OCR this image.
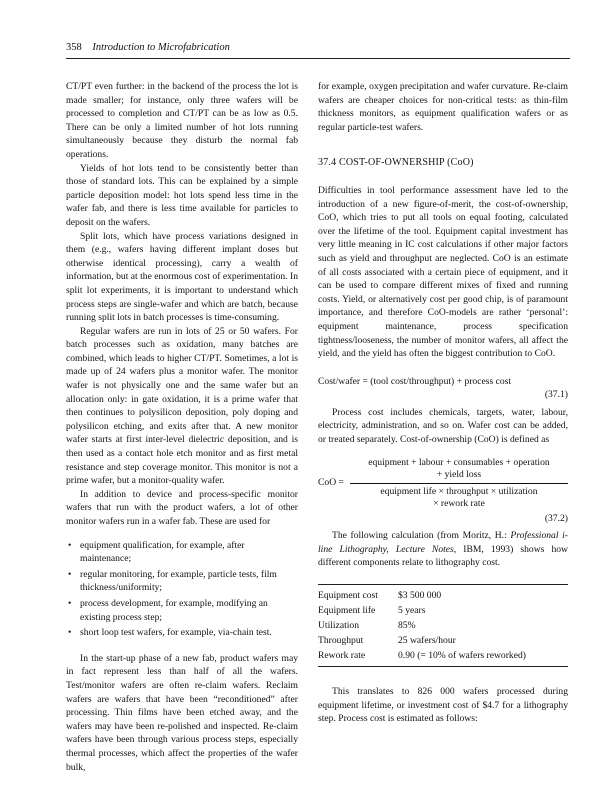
358 Introduction to Microfabrication

CT/PT even further: in the backend of the process the lot is made smaller; for instance, only three wafers will be processed to completion and CT/PT can be as low as 0.5. There can be only a limited number of hot lots running simultaneously because they disturb the normal fab operations.

Yields of hot lots tend to be consistently better than those of standard lots. This can be explained by a simple particle deposition model: hot lots spend less time in the wafer fab, and there is less time available for particles to deposit on the wafers.

Split lots, which have process variations designed in them (e.g., wafers having different implant doses but otherwise identical processing), carry a wealth of information, but at the enormous cost of experimentation. In split lot experiments, it is important to understand which process steps are single-wafer and which are batch, because running split lots in batch processes is time-consuming.

Regular wafers are run in lots of 25 or 50 wafers. For batch processes such as oxidation, many batches are combined, which leads to higher CT/PT. Sometimes, a lot is made up of 24 wafers plus a monitor wafer. The monitor wafer is not physically one and the same wafer but an allocation only: in gate oxidation, it is a prime wafer that then continues to polysilicon deposition, poly doping and polysilicon etching, and exits after that. A new monitor wafer starts at first inter-level dielectric deposition, and is then used as a contact hole etch monitor and as first metal resistance and step coverage monitor. This monitor is not a prime wafer, but a monitor-quality wafer.

In addition to device and process-specific monitor wafers that run with the product wafers, a lot of other monitor wafers run in a wafer fab. These are used for

• equipment qualification, for example, after maintenance;
• regular monitoring, for example, particle tests, film thickness/uniformity;
• process development, for example, modifying an existing process step;
• short loop test wafers, for example, via-chain test.

In the start-up phase of a new fab, product wafers may in fact represent less than half of all the wafers. Test/monitor wafers are often re-claim wafers. Reclaim wafers are wafers that have been “reconditioned” after processing. Thin films have been etched away, and the wafers may have been re-polished and inspected. Re-claim wafers have been through various process steps, especially thermal processes, which affect the properties of the wafer bulk,

for example, oxygen precipitation and wafer curvature. Re-claim wafers are cheaper choices for non-critical tests: as thin-film thickness monitors, as equipment qualification wafers or as regular particle-test wafers.

37.4 COST-OF-OWNERSHIP (CoO)

Difficulties in tool performance assessment have led to the introduction of a new figure-of-merit, the cost-of-ownership, CoO, which tries to put all tools on equal footing, calculated over the lifetime of the tool. Equipment capital investment has very little meaning in IC cost calculations if other major factors such as yield and throughput are neglected. CoO is an estimate of all costs associated with a certain piece of equipment, and it can be used to compare different mixes of fixed and running costs. Yield, or alternatively cost per good chip, is of paramount importance, and therefore CoO-models are rather ‘personal’: equipment maintenance, process specification tightness/looseness, the number of monitor wafers, all affect the yield, and the yield has often the biggest contribution to CoO.

Cost/wafer = (tool cost/throughput) + process cost
(37.1)

Process cost includes chemicals, targets, water, labour, electricity, administration, and so on. Wafer cost can be added, or treated separately. Cost-of-ownership (CoO) is defined as

CoO =
equipment + labour + consumables + operation
+ yield loss
equipment life × throughput × utilization
× rework rate
(37.2)

The following calculation (from Moritz, H.: Professional i-line Lithography, Lecture Notes, IBM, 1993) shows how different components relate to lithography cost.

Equipment cost	$3 500 000
Equipment life	5 years
Utilization	85%
Throughput	25 wafers/hour
Rework rate	0.90 (= 10% of wafers reworked)

This translates to 826 000 wafers processed during equipment lifetime, or investment cost of $4.7 for a lithography step. Process cost is estimated as follows:
